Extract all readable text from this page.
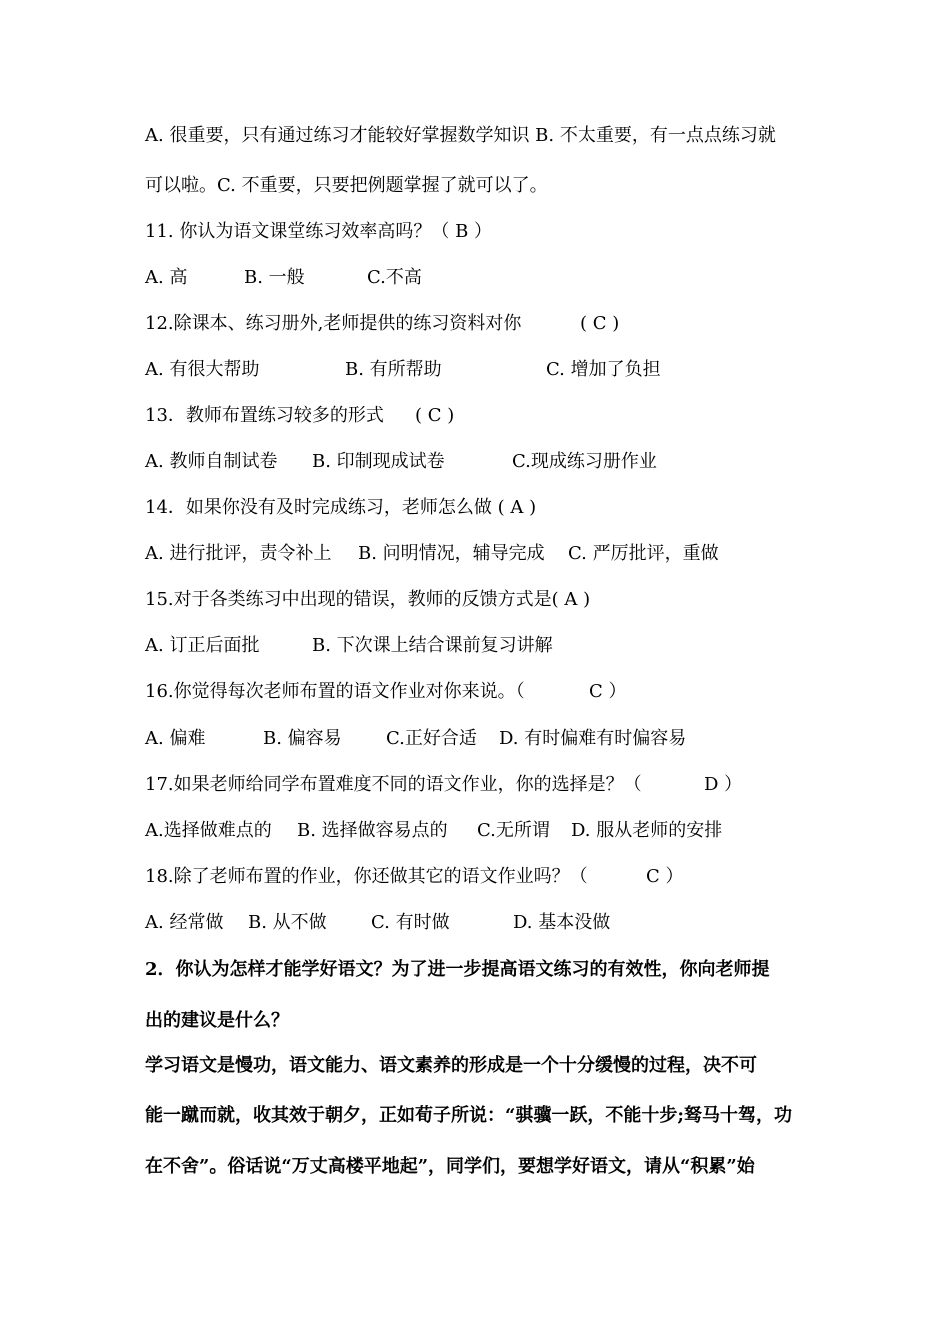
A. 很重要，只有通过练习才能较好掌握数学知识 B. 不太重要，有一点点练习就
可以啦。C. 不重要，只要把例题掌握了就可以了。
11. 你认为语文课堂练习效率高吗？（ B ）
A. 高	B. 一般	C.不高
12.除课本、练习册外,老师提供的练习资料对你	( C )
A. 有很大帮助	B. 有所帮助	C. 增加了负担
13．教师布置练习较多的形式 ( C )
A. 教师自制试卷 B. 印制现成试卷	C.现成练习册作业
14．如果你没有及时完成练习，老师怎么做 ( A )
A. 进行批评，责令补上 B. 问明情况，辅导完成 C. 严厉批评，重做
15.对于各类练习中出现的错误，教师的反馈方式是( A )
A. 订正后面批	B. 下次课上结合课前复习讲解
16.你觉得每次老师布置的语文作业对你来说。（	C ）
A. 偏难	B. 偏容易 C.正好合适 D. 有时偏难有时偏容易
17.如果老师给同学布置难度不同的语文作业，你的选择是？（	D ）
A.选择做难点的 B. 选择做容易点的 C.无所谓 D. 服从老师的安排
18.除了老师布置的作业，你还做其它的语文作业吗？（	C ）
A. 经常做 B. 从不做 C. 有时做	D. 基本没做
2．你认为怎样才能学好语文？为了进一步提高语文练习的有效性，你向老师提
出的建议是什么？
学习语文是慢功，语文能力、语文素养的形成是一个十分缓慢的过程，决不可
能一蹴而就，收其效于朝夕，正如荀子所说：“骐骥一跃，不能十步;驽马十驾，功
在不舍”。俗话说“万丈高楼平地起”，同学们，要想学好语文，请从“积累”始
